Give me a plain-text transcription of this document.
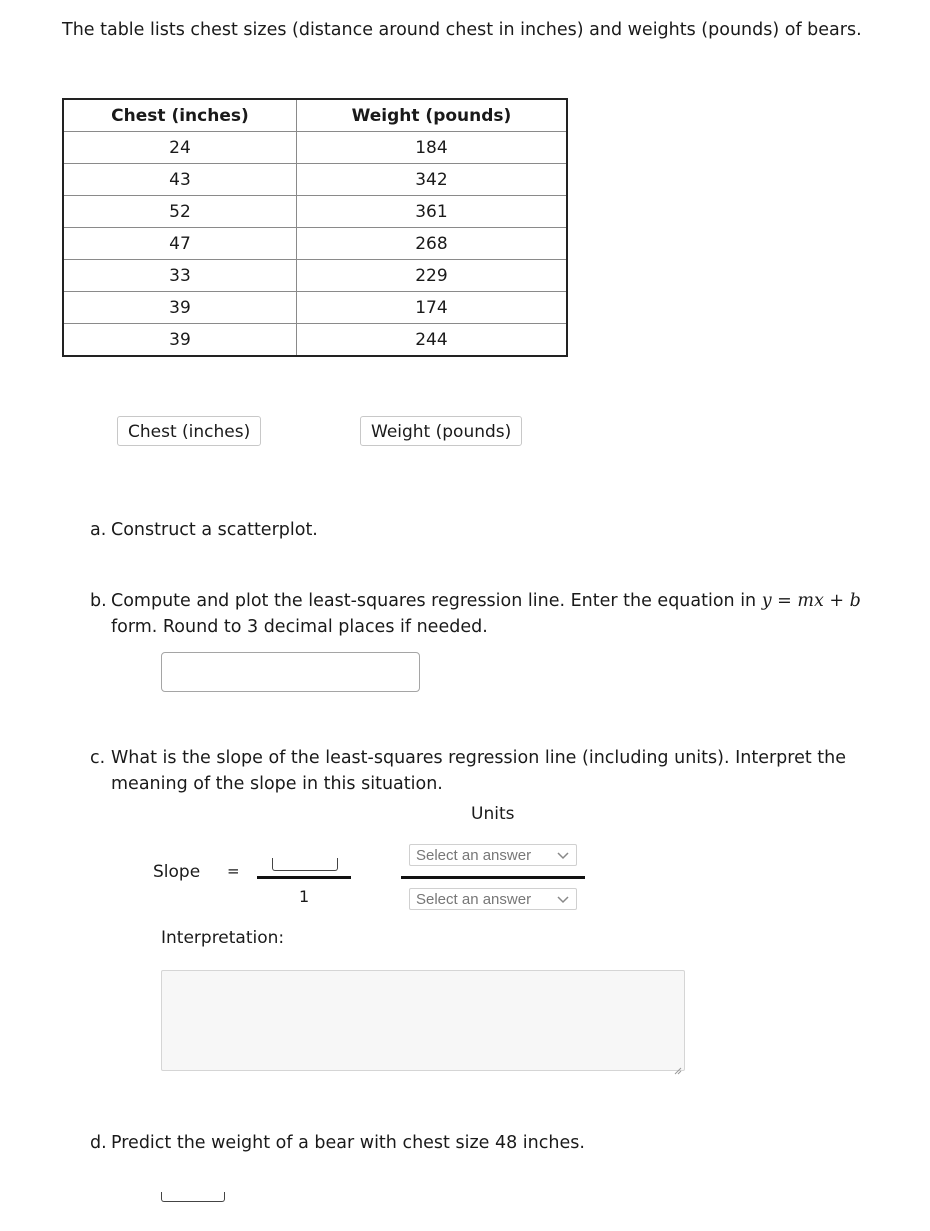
The table lists chest sizes (distance around chest in inches) and weights (pounds) of bears.
Chest (inches)	Weight (pounds)
24	184
43	342
52	361
47	268
33	229
39	174
39	244
Chest (inches)	Weight (pounds)
a. Construct a scatterplot.
b. Compute and plot the least-squares regression line. Enter the equation in y = mx + b form. Round to 3 decimal places if needed.
c. What is the slope of the least-squares regression line (including units). Interpret the meaning of the slope in this situation.
Units
Slope =
1
Select an answer
Select an answer
Interpretation:
d. Predict the weight of a bear with chest size 48 inches.
